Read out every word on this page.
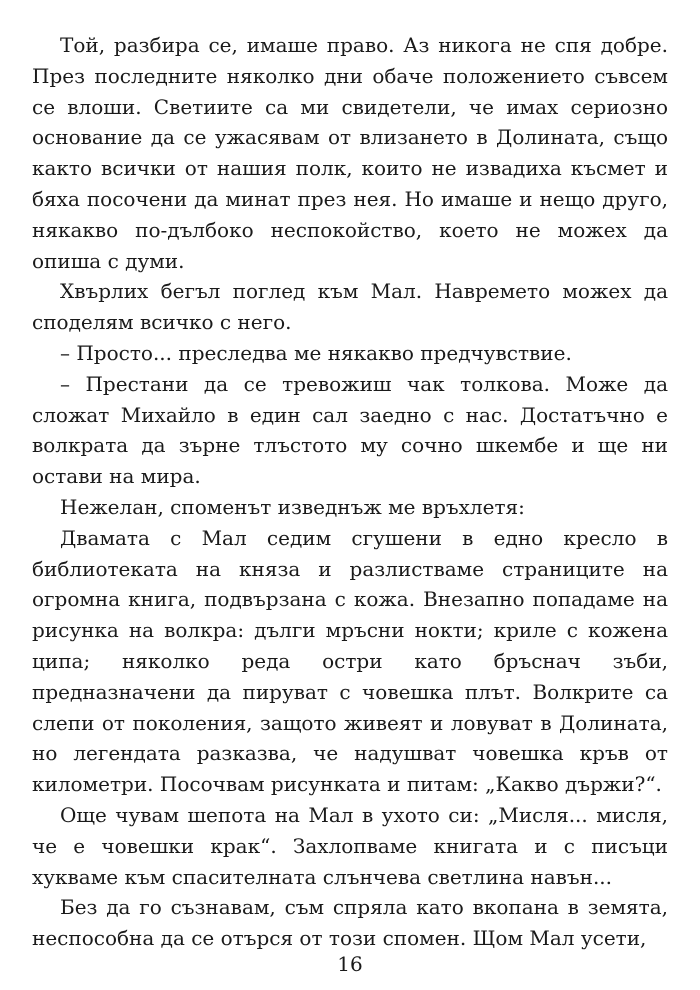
Той, разбира се, имаше право. Аз никога не спя добре. През последните няколко дни обаче положението съвсем се влоши. Светиите са ми свидетели, че имах сериозно основание да се ужасявам от влизането в Долината, също както всички от нашия полк, които не извадиха късмет и бяха посочени да минат през нея. Но имаше и нещо друго, някакво по-дълбоко неспокойство, което не можех да опиша с думи.

Хвърлих бегъл поглед към Мал. Навремето можех да споделям всичко с него.

– Просто... преследва ме някакво предчувствие.

– Престани да се тревожиш чак толкова. Може да сложат Михайло в един сал заедно с нас. Достатъчно е волкрата да зърне тлъстото му сочно шкембе и ще ни остави на мира.

Нежелан, споменът изведнъж ме връхлетя:

Двамата с Мал седим сгушени в едно кресло в библиотеката на княза и разлистваме страниците на огромна книга, подвързана с кожа. Внезапно попадаме на рисунка на волкра: дълги мръсни нокти; криле с кожена ципа; няколко реда остри като бръснач зъби, предназначени да пируват с човешка плът. Волкрите са слепи от поколения, защото живеят и ловуват в Долината, но легендата разказва, че надушват човешка кръв от километри. Посочвам рисунката и питам: „Какво държи?“.

Още чувам шепота на Мал в ухото си: „Мисля... мисля, че е човешки крак“. Захлопваме книгата и с писъци хукваме към спасителната слънчева светлина навън...

Без да го съзнавам, съм спряла като вкопана в земята, неспособна да се отърся от този спомен. Щом Мал усети,

16
